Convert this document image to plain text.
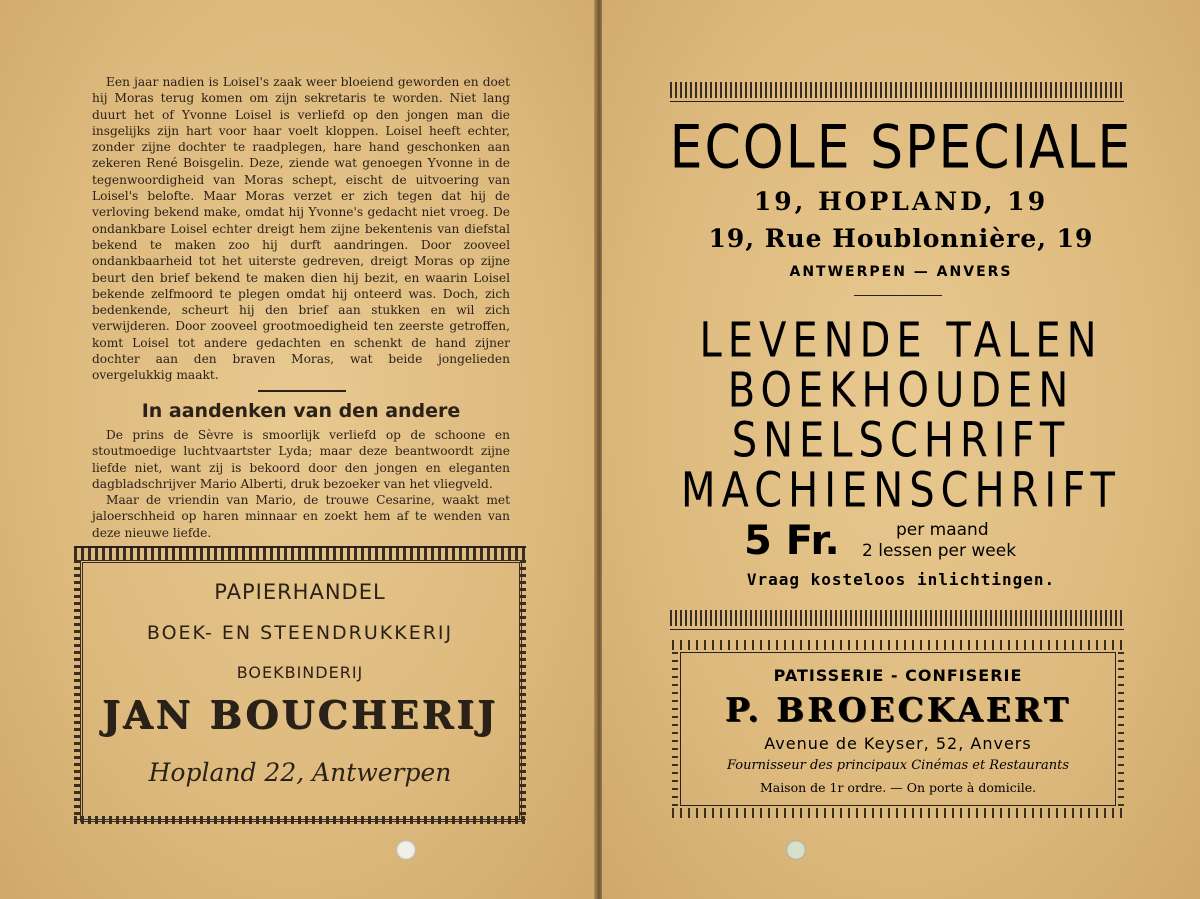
Een jaar nadien is Loisel's zaak weer bloeiend geworden en doet hij Moras terug komen om zijn sekretaris te worden. Niet lang duurt het of Yvonne Loisel is verliefd op den jongen man die insgelijks zijn hart voor haar voelt kloppen. Loisel heeft echter, zonder zijne dochter te raadplegen, hare hand geschonken aan zekeren René Boisgelin. Deze, ziende wat genoegen Yvonne in de tegenwoordigheid van Moras schept, eischt de uitvoering van Loisel's belofte. Maar Moras verzet er zich tegen dat hij de verloving bekend make, omdat hij Yvonne's gedacht niet vroeg. De ondankbare Loisel echter dreigt hem zijne bekentenis van diefstal bekend te maken zoo hij durft aandringen. Door zooveel ondankbaarheid tot het uiterste gedreven, dreigt Moras op zijne beurt den brief bekend te maken dien hij bezit, en waarin Loisel bekende zelfmoord te plegen omdat hij onteerd was. Doch, zich bedenkende, scheurt hij den brief aan stukken en wil zich verwijderen. Door zooveel grootmoedigheid ten zeerste getroffen, komt Loisel tot andere gedachten en schenkt de hand zijner dochter aan den braven Moras, wat beide jongelieden overgelukkig maakt.

In aandenken van den andere

De prins de Sèvre is smoorlijk verliefd op de schoone en stoutmoedige luchtvaartster Lyda; maar deze beantwoordt zijne liefde niet, want zij is bekoord door den jongen en eleganten dagbladschrijver Mario Alberti, druk bezoeker van het vliegveld.

Maar de vriendin van Mario, de trouwe Cesarine, waakt met jaloerschheid op haren minnaar en zoekt hem af te wenden van deze nieuwe liefde.

PAPIERHANDEL
BOEK- EN STEENDRUKKERIJ
BOEKBINDERIJ
JAN BOUCHERIJ
Hopland 22, Antwerpen
ECOLE SPECIALE
19, HOPLAND, 19
19, Rue Houblonnière, 19
ANTWERPEN — ANVERS
LEVENDE TALEN
BOEKHOUDEN
SNELSCHRIFT
MACHIENSCHRIFT
5 Fr.	per maand
2 lessen per week
Vraag kosteloos inlichtingen.
PATISSERIE - CONFISERIE
P. BROECKAERT
Avenue de Keyser, 52, Anvers
Fournisseur des principaux Cinémas et Restaurants
Maison de 1r ordre. — On porte à domicile.
